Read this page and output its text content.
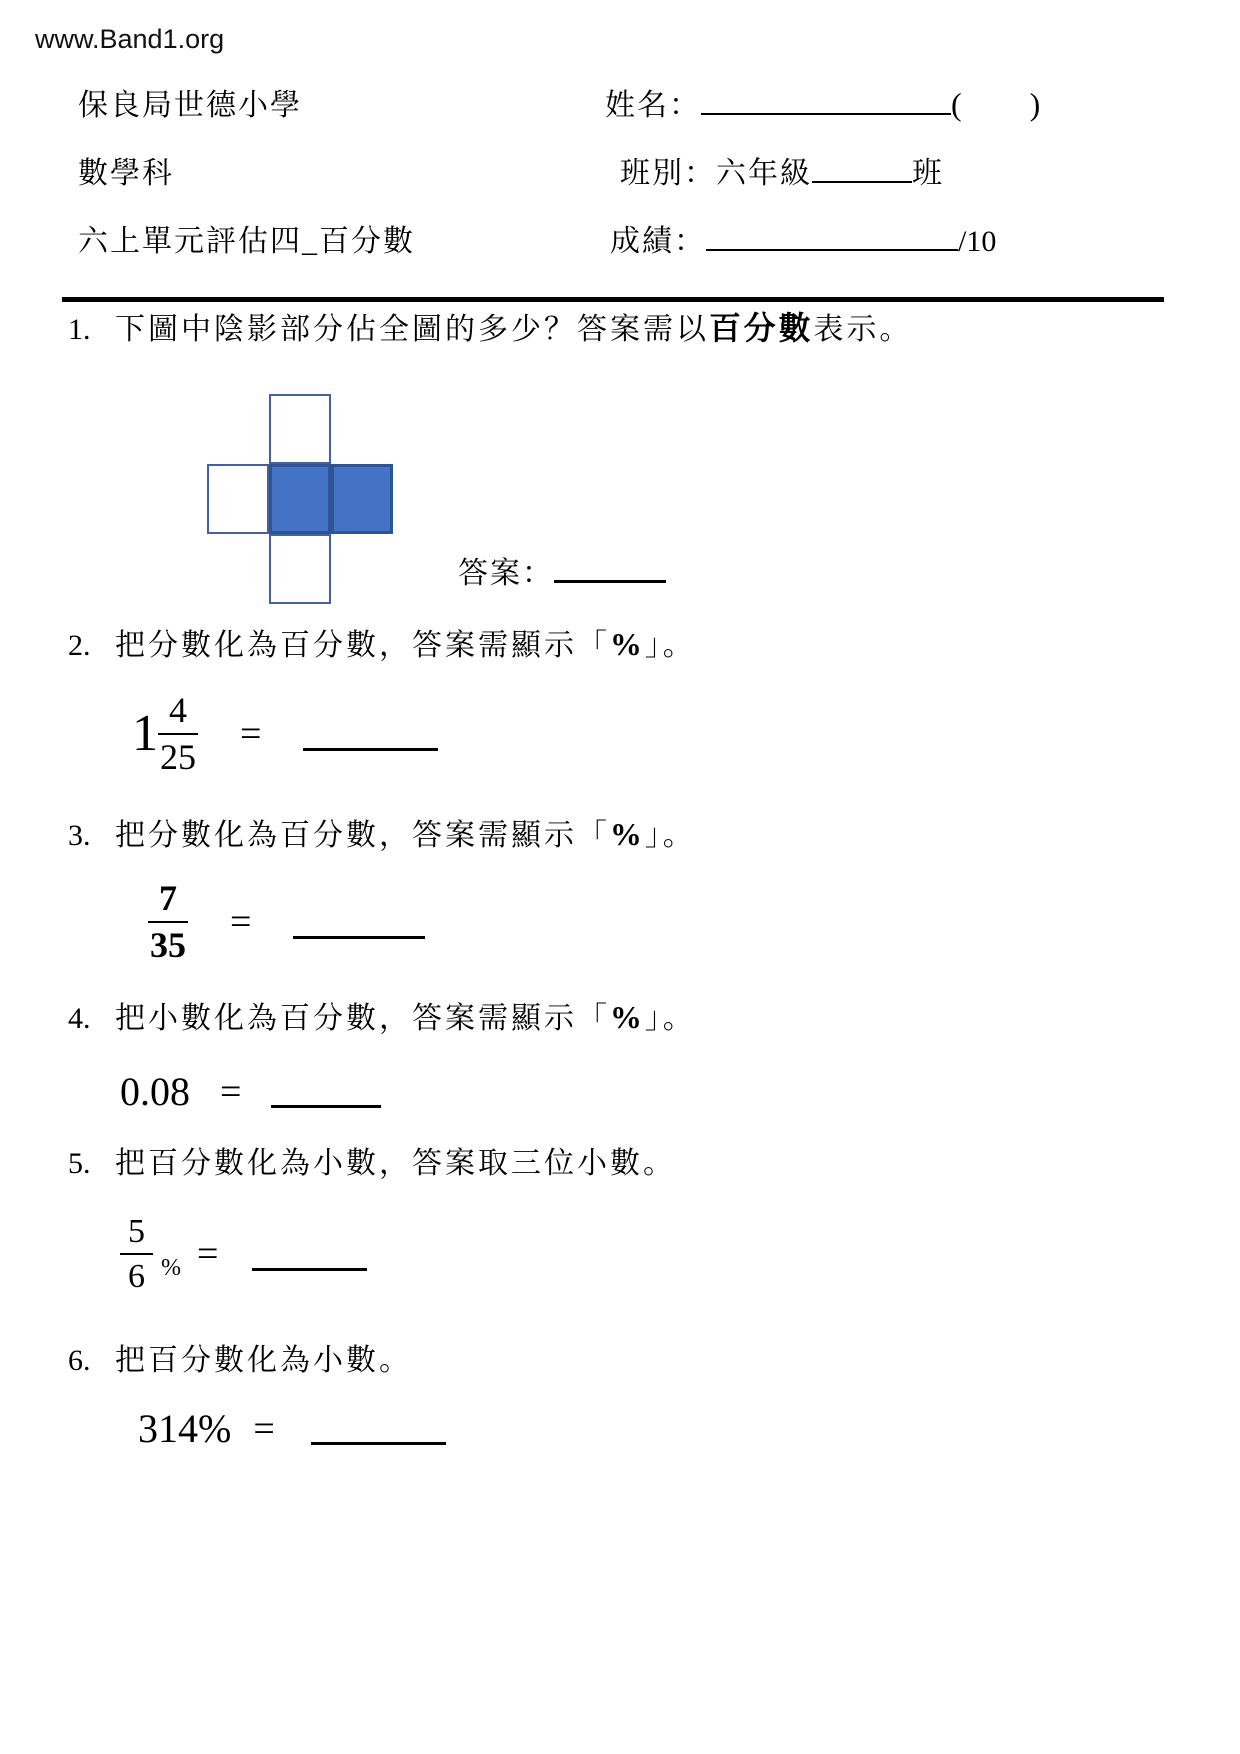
www.Band1.org
保良局世德小學
數學科
六上單元評估四_百分數
姓名：	( )
班別：六年級	班
成績：	/10
1. 下圖中陰影部分佔全圖的多少？答案需以百分數表示。
答案：
2. 把分數化為百分數，答案需顯示「%」。
$1 \frac{4}{25}$ =
3. 把分數化為百分數，答案需顯示「%」。
$\frac{7}{35}$ =
4. 把小數化為百分數，答案需顯示「%」。
0.08 =
5. 把百分數化為小數，答案取三位小數。
$\frac{5}{6}$ % =
6. 把百分數化為小數。
314% =
